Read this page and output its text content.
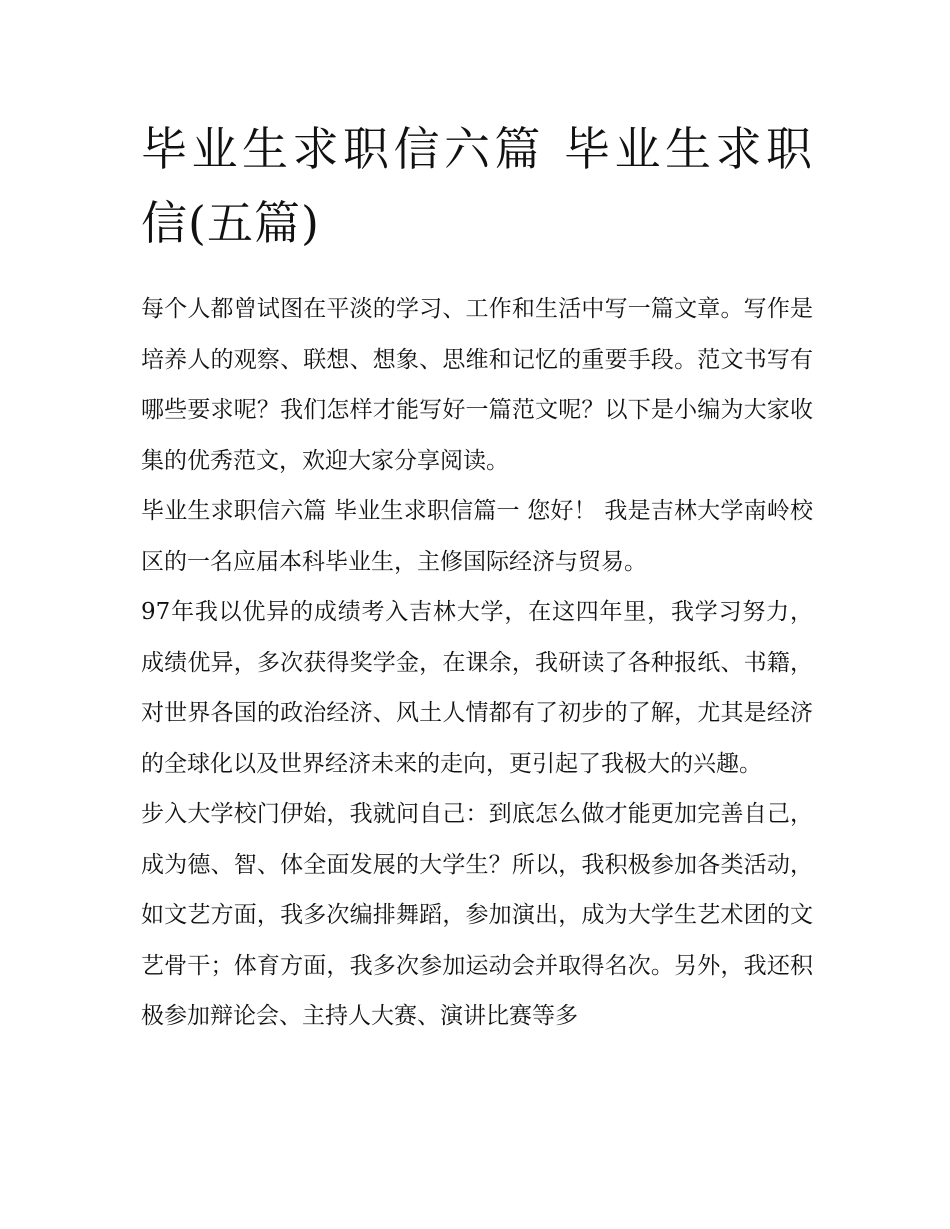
毕业生求职信六篇 毕业生求职信(五篇)

每个人都曾试图在平淡的学习、工作和生活中写一篇文章。写作是培养人的观察、联想、想象、思维和记忆的重要手段。范文书写有哪些要求呢？我们怎样才能写好一篇范文呢？以下是小编为大家收集的优秀范文，欢迎大家分享阅读。

毕业生求职信六篇 毕业生求职信篇一 您好！ 我是吉林大学南岭校区的一名应届本科毕业生，主修国际经济与贸易。

97年我以优异的成绩考入吉林大学，在这四年里，我学习努力，成绩优异，多次获得奖学金，在课余，我研读了各种报纸、书籍，对世界各国的政治经济、风土人情都有了初步的了解，尤其是经济的全球化以及世界经济未来的走向，更引起了我极大的兴趣。

步入大学校门伊始，我就问自己：到底怎么做才能更加完善自己，成为德、智、体全面发展的大学生？所以，我积极参加各类活动，如文艺方面，我多次编排舞蹈，参加演出，成为大学生艺术团的文艺骨干；体育方面，我多次参加运动会并取得名次。另外，我还积极参加辩论会、主持人大赛、演讲比赛等多
